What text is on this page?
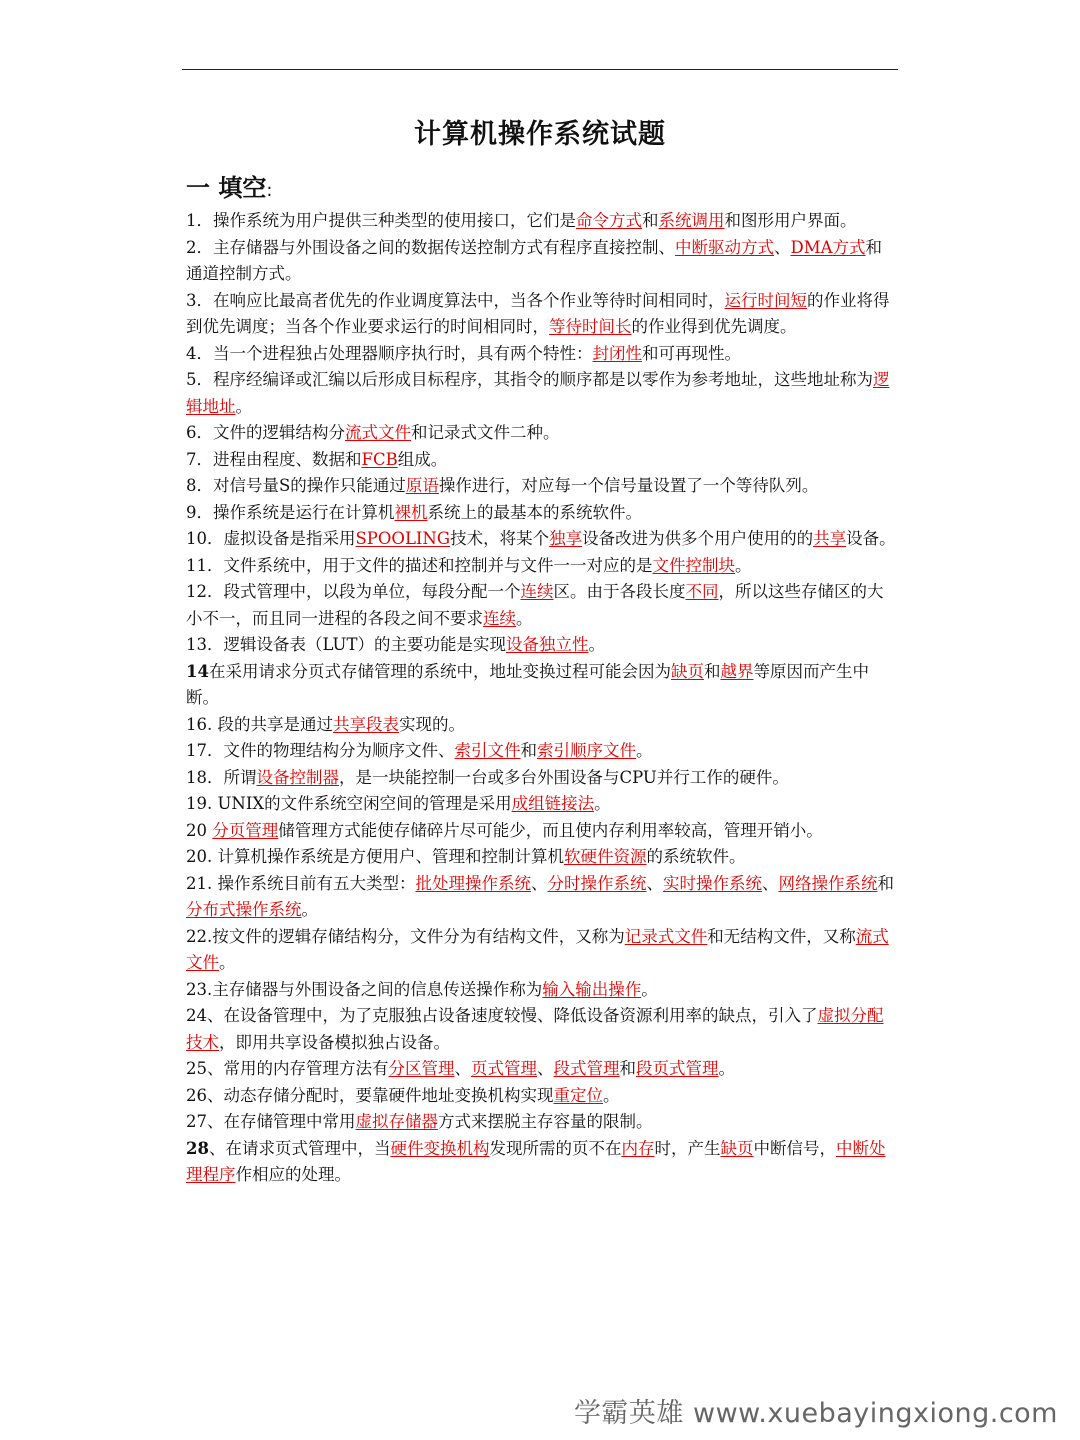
计算机操作系统试题
一 填空:

1．操作系统为用户提供三种类型的使用接口，它们是命令方式和系统调用和图形用户界面。

2．主存储器与外围设备之间的数据传送控制方式有程序直接控制、中断驱动方式、DMA方式和通道控制方式。

3．在响应比最高者优先的作业调度算法中，当各个作业等待时间相同时，运行时间短的作业将得到优先调度；当各个作业要求运行的时间相同时，等待时间长的作业得到优先调度。

4．当一个进程独占处理器顺序执行时，具有两个特性：封闭性和可再现性。

5．程序经编译或汇编以后形成目标程序，其指令的顺序都是以零作为参考地址，这些地址称为逻辑地址。

6．文件的逻辑结构分流式文件和记录式文件二种。

7．进程由程度、数据和FCB组成。

8．对信号量S的操作只能通过原语操作进行，对应每一个信号量设置了一个等待队列。

9．操作系统是运行在计算机裸机系统上的最基本的系统软件。

10．虚拟设备是指采用SPOOLING技术，将某个独享设备改进为供多个用户使用的的共享设备。

11．文件系统中，用于文件的描述和控制并与文件一一对应的是文件控制块。

12．段式管理中，以段为单位，每段分配一个连续区。由于各段长度不同，所以这些存储区的大小不一，而且同一进程的各段之间不要求连续。

13．逻辑设备表（LUT）的主要功能是实现设备独立性。

14在采用请求分页式存储管理的系统中，地址变换过程可能会因为缺页和越界等原因而产生中断。

16. 段的共享是通过共享段表实现的。

17．文件的物理结构分为顺序文件、索引文件和索引顺序文件。

18．所谓设备控制器，是一块能控制一台或多台外围设备与CPU并行工作的硬件。

19. UNIX的文件系统空闲空间的管理是采用成组链接法。

20 分页管理储管理方式能使存储碎片尽可能少，而且使内存利用率较高，管理开销小。

20. 计算机操作系统是方便用户、管理和控制计算机软硬件资源的系统软件。

21. 操作系统目前有五大类型：批处理操作系统、分时操作系统、实时操作系统、网络操作系统和分布式操作系统。

22.按文件的逻辑存储结构分，文件分为有结构文件，又称为记录式文件和无结构文件，又称流式文件。

23.主存储器与外围设备之间的信息传送操作称为输入输出操作。

24、在设备管理中，为了克服独占设备速度较慢、降低设备资源利用率的缺点，引入了虚拟分配技术，即用共享设备模拟独占设备。

25、常用的内存管理方法有分区管理、页式管理、段式管理和段页式管理。

26、动态存储分配时，要靠硬件地址变换机构实现重定位。

27、在存储管理中常用虚拟存储器方式来摆脱主存容量的限制。

28、在请求页式管理中，当硬件变换机构发现所需的页不在内存时，产生缺页中断信号，中断处理程序作相应的处理。

学霸英雄 www.xuebayingxiong.com
